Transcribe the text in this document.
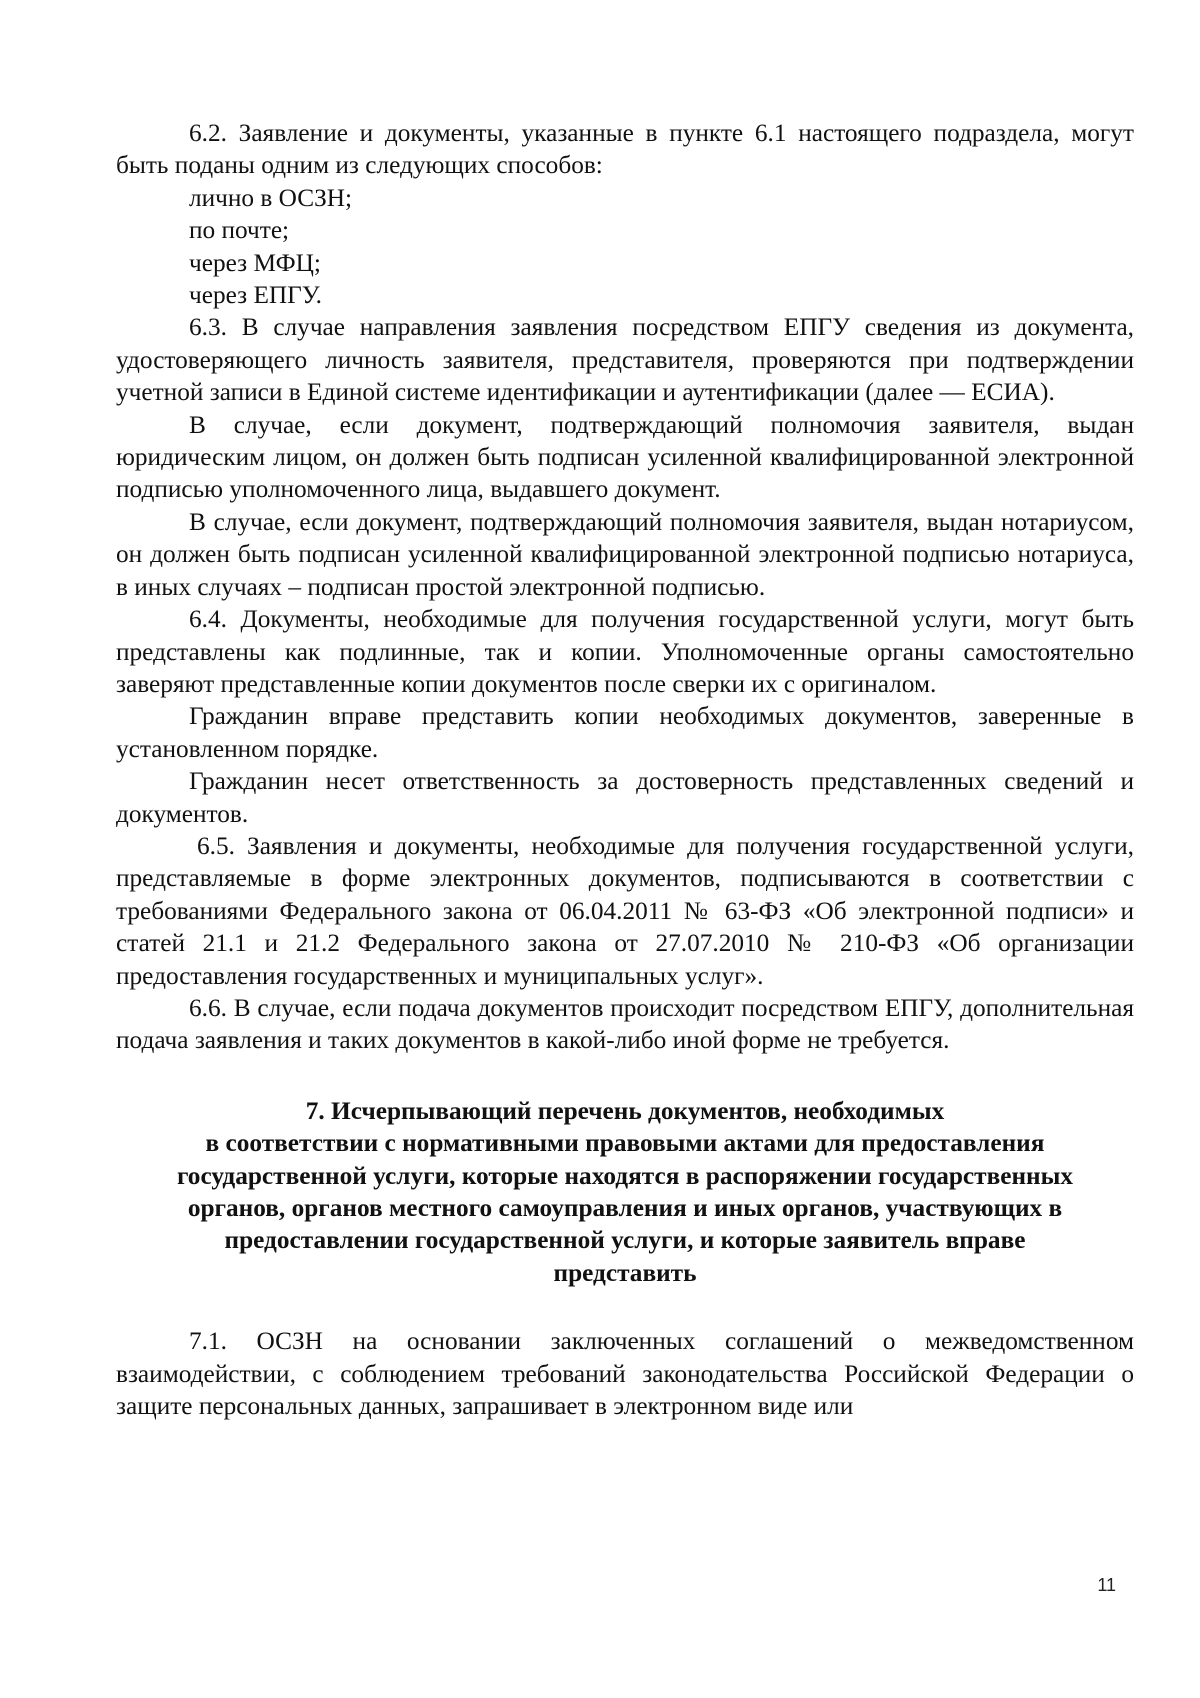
6.2. Заявление и документы, указанные в пункте 6.1 настоящего подраздела, могут быть поданы одним из следующих способов:

лично в ОСЗН;

по почте;

через МФЦ;

через ЕПГУ.

6.3. В случае направления заявления посредством ЕПГУ сведения из документа, удостоверяющего личность заявителя, представителя, проверяются при подтверждении учетной записи в Единой системе идентификации и аутентификации (далее — ЕСИА).

В случае, если документ, подтверждающий полномочия заявителя, выдан юридическим лицом, он должен быть подписан усиленной квалифицированной электронной подписью уполномоченного лица, выдавшего документ.

В случае, если документ, подтверждающий полномочия заявителя, выдан нотариусом, он должен быть подписан усиленной квалифицированной электронной подписью нотариуса, в иных случаях – подписан простой электронной подписью.

6.4. Документы, необходимые для получения государственной услуги, могут быть представлены как подлинные, так и копии. Уполномоченные органы самостоятельно заверяют представленные копии документов после сверки их с оригиналом.

Гражданин вправе представить копии необходимых документов, заверенные в установленном порядке.

Гражданин несет ответственность за достоверность представленных сведений и документов.

6.5. Заявления и документы, необходимые для получения государственной услуги, представляемые в форме электронных документов, подписываются в соответствии с требованиями Федерального закона от 06.04.2011 № 63-ФЗ «Об электронной подписи» и статей 21.1 и 21.2 Федерального закона от 27.07.2010 № 210-ФЗ «Об организации предоставления государственных и муниципальных услуг».

6.6. В случае, если подача документов происходит посредством ЕПГУ, дополнительная подача заявления и таких документов в какой-либо иной форме не требуется.

7. Исчерпывающий перечень документов, необходимых
в соответствии с нормативными правовыми актами для предоставления
государственной услуги, которые находятся в распоряжении государственных
органов, органов местного самоуправления и иных органов, участвующих в
предоставлении государственной услуги, и которые заявитель вправе
представить

7.1. ОСЗН на основании заключенных соглашений о межведомственном взаимодействии, с соблюдением требований законодательства Российской Федерации о защите персональных данных, запрашивает в электронном виде или

11
